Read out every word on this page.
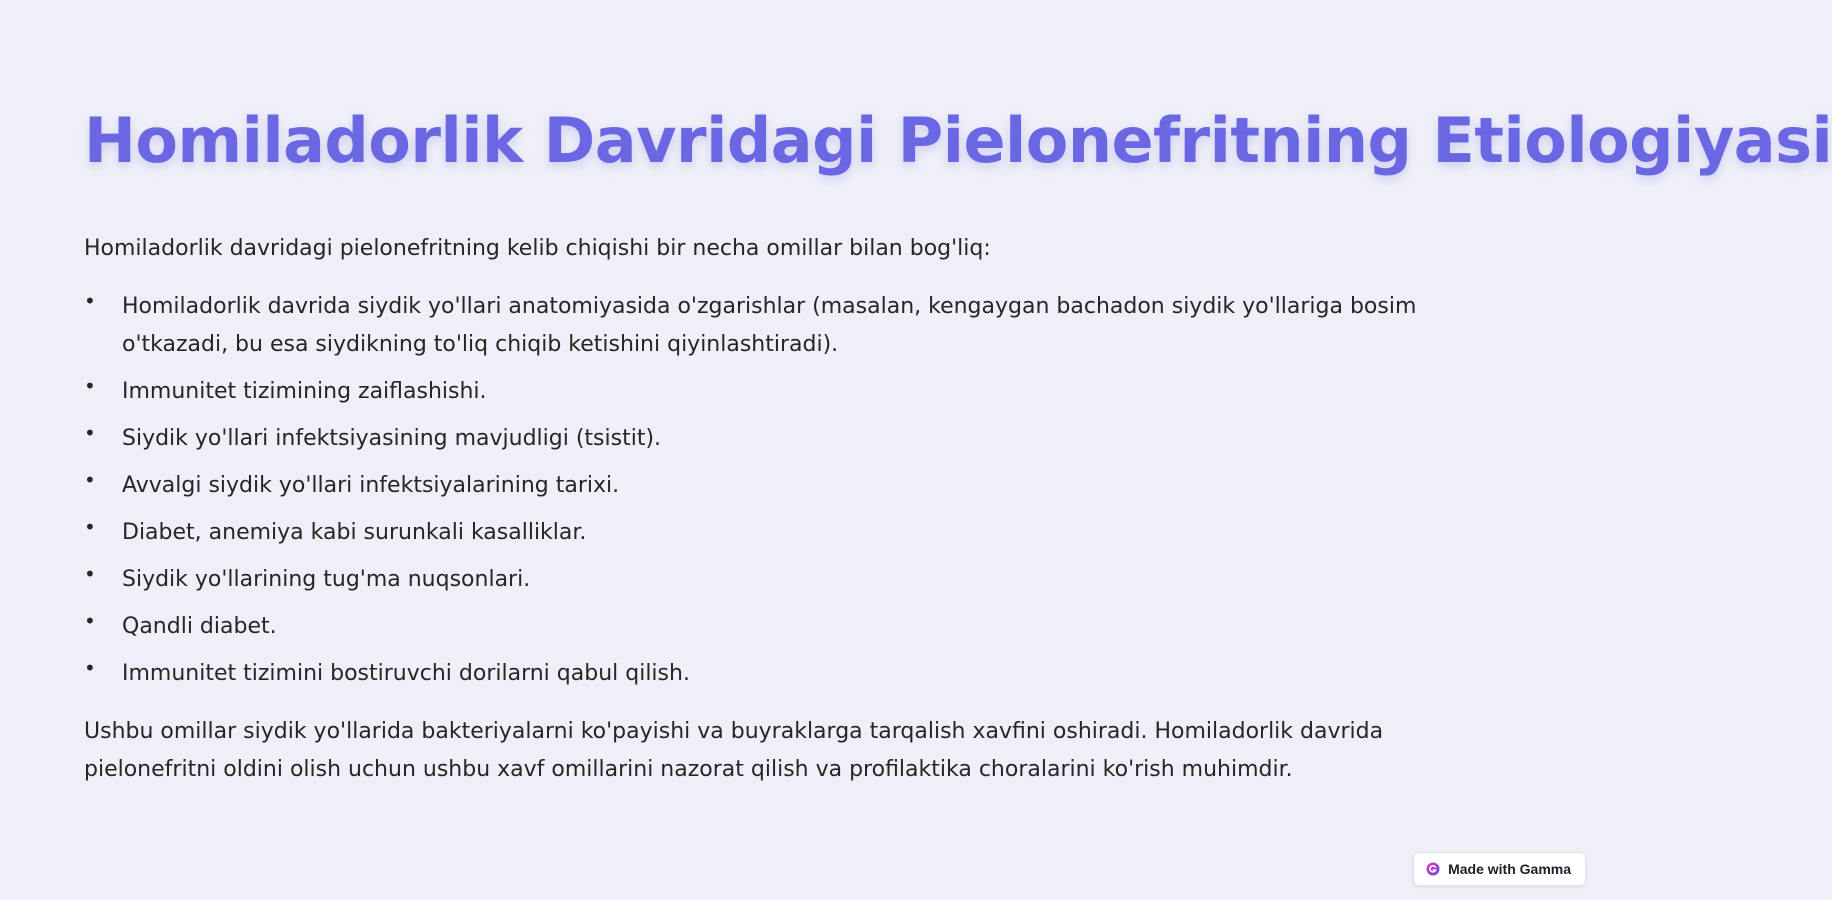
Homiladorlik Davridagi Pielonefritning Etiologiyasi

Homiladorlik davridagi pielonefritning kelib chiqishi bir necha omillar bilan bog'liq:

• Homiladorlik davrida siydik yo'llari anatomiyasida o'zgarishlar (masalan, kengaygan bachadon siydik yo'llariga bosim o'tkazadi, bu esa siydikning to'liq chiqib ketishini qiyinlashtiradi).
• Immunitet tizimining zaiflashishi.
• Siydik yo'llari infektsiyasining mavjudligi (tsistit).
• Avvalgi siydik yo'llari infektsiyalarining tarixi.
• Diabet, anemiya kabi surunkali kasalliklar.
• Siydik yo'llarining tug'ma nuqsonlari.
• Qandli diabet.
• Immunitet tizimini bostiruvchi dorilarni qabul qilish.

Ushbu omillar siydik yo'llarida bakteriyalarni ko'payishi va buyraklarga tarqalish xavfini oshiradi. Homiladorlik davrida pielonefritni oldini olish uchun ushbu xavf omillarini nazorat qilish va profilaktika choralarini ko'rish muhimdir.

Made with Gamma
